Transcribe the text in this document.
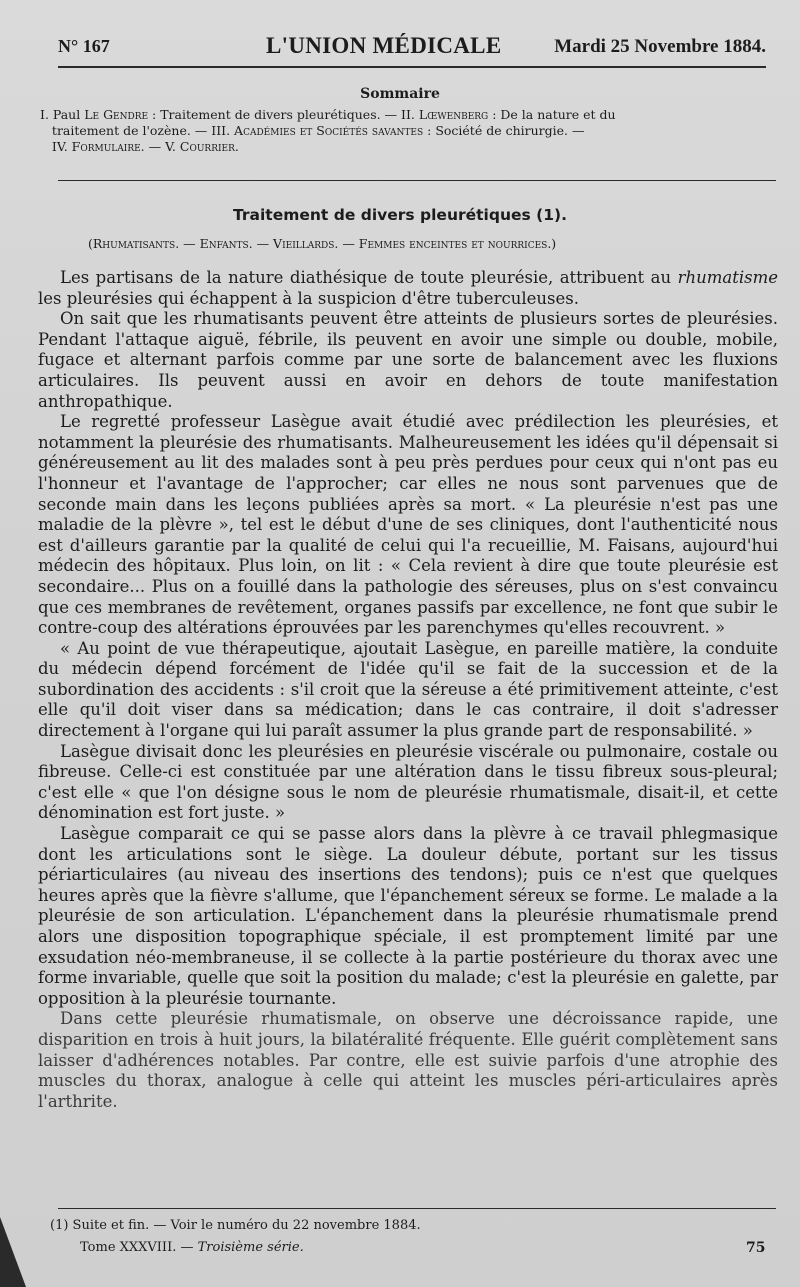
N° 167	L'UNION MÉDICALE	Mardi 25 Novembre 1884.
Sommaire
I. Paul Le Gendre : Traitement de divers pleurétiques. — II. Lœwenberg : De la nature et du
traitement de l'ozène. — III. Académies et Sociétés savantes : Société de chirurgie. —
IV. Formulaire. — V. Courrier.
Traitement de divers pleurétiques (1).
(Rhumatisants. — Enfants. — Vieillards. — Femmes enceintes et nourrices.)

Les partisans de la nature diathésique de toute pleurésie, attribuent au rhumatisme les pleurésies qui échappent à la suspicion d'être tuberculeuses.

On sait que les rhumatisants peuvent être atteints de plusieurs sortes de pleurésies. Pendant l'attaque aiguë, fébrile, ils peuvent en avoir une simple ou double, mobile, fugace et alternant parfois comme par une sorte de balancement avec les fluxions articulaires. Ils peuvent aussi en avoir en dehors de toute manifestation anthropathique.

Le regretté professeur Lasègue avait étudié avec prédilection les pleurésies, et notamment la pleurésie des rhumatisants. Malheureusement les idées qu'il dépensait si généreusement au lit des malades sont à peu près perdues pour ceux qui n'ont pas eu l'honneur et l'avantage de l'approcher; car elles ne nous sont parvenues que de seconde main dans les leçons publiées après sa mort. « La pleurésie n'est pas une maladie de la plèvre », tel est le début d'une de ses cliniques, dont l'authenticité nous est d'ailleurs garantie par la qualité de celui qui l'a recueillie, M. Faisans, aujourd'hui médecin des hôpitaux. Plus loin, on lit : « Cela revient à dire que toute pleurésie est secondaire... Plus on a fouillé dans la pathologie des séreuses, plus on s'est convaincu que ces membranes de revêtement, organes passifs par excellence, ne font que subir le contre-coup des altérations éprouvées par les parenchymes qu'elles recouvrent. »

« Au point de vue thérapeutique, ajoutait Lasègue, en pareille matière, la conduite du médecin dépend forcément de l'idée qu'il se fait de la succession et de la subordination des accidents : s'il croit que la séreuse a été primitivement atteinte, c'est elle qu'il doit viser dans sa médication; dans le cas contraire, il doit s'adresser directement à l'organe qui lui paraît assumer la plus grande part de responsabilité. »

Lasègue divisait donc les pleurésies en pleurésie viscérale ou pulmonaire, costale ou fibreuse. Celle-ci est constituée par une altération dans le tissu fibreux sous-pleural; c'est elle « que l'on désigne sous le nom de pleurésie rhumatismale, disait-il, et cette dénomination est fort juste. »

Lasègue comparait ce qui se passe alors dans la plèvre à ce travail phlegmasique dont les articulations sont le siège. La douleur débute, portant sur les tissus périarticulaires (au niveau des insertions des tendons); puis ce n'est que quelques heures après que la fièvre s'allume, que l'épanchement séreux se forme. Le malade a la pleurésie de son articulation. L'épanchement dans la pleurésie rhumatismale prend alors une disposition topographique spéciale, il est promptement limité par une exsudation néo-membraneuse, il se collecte à la partie postérieure du thorax avec une forme invariable, quelle que soit la position du malade; c'est la pleurésie en galette, par opposition à la pleurésie tournante.

Dans cette pleurésie rhumatismale, on observe une décroissance rapide, une disparition en trois à huit jours, la bilatéralité fréquente. Elle guérit complètement sans laisser d'adhérences notables. Par contre, elle est suivie parfois d'une atrophie des muscles du thorax, analogue à celle qui atteint les muscles péri-articulaires après l'arthrite.

(1) Suite et fin. — Voir le numéro du 22 novembre 1884.
Tome XXXVIII. — Troisième série.	75
